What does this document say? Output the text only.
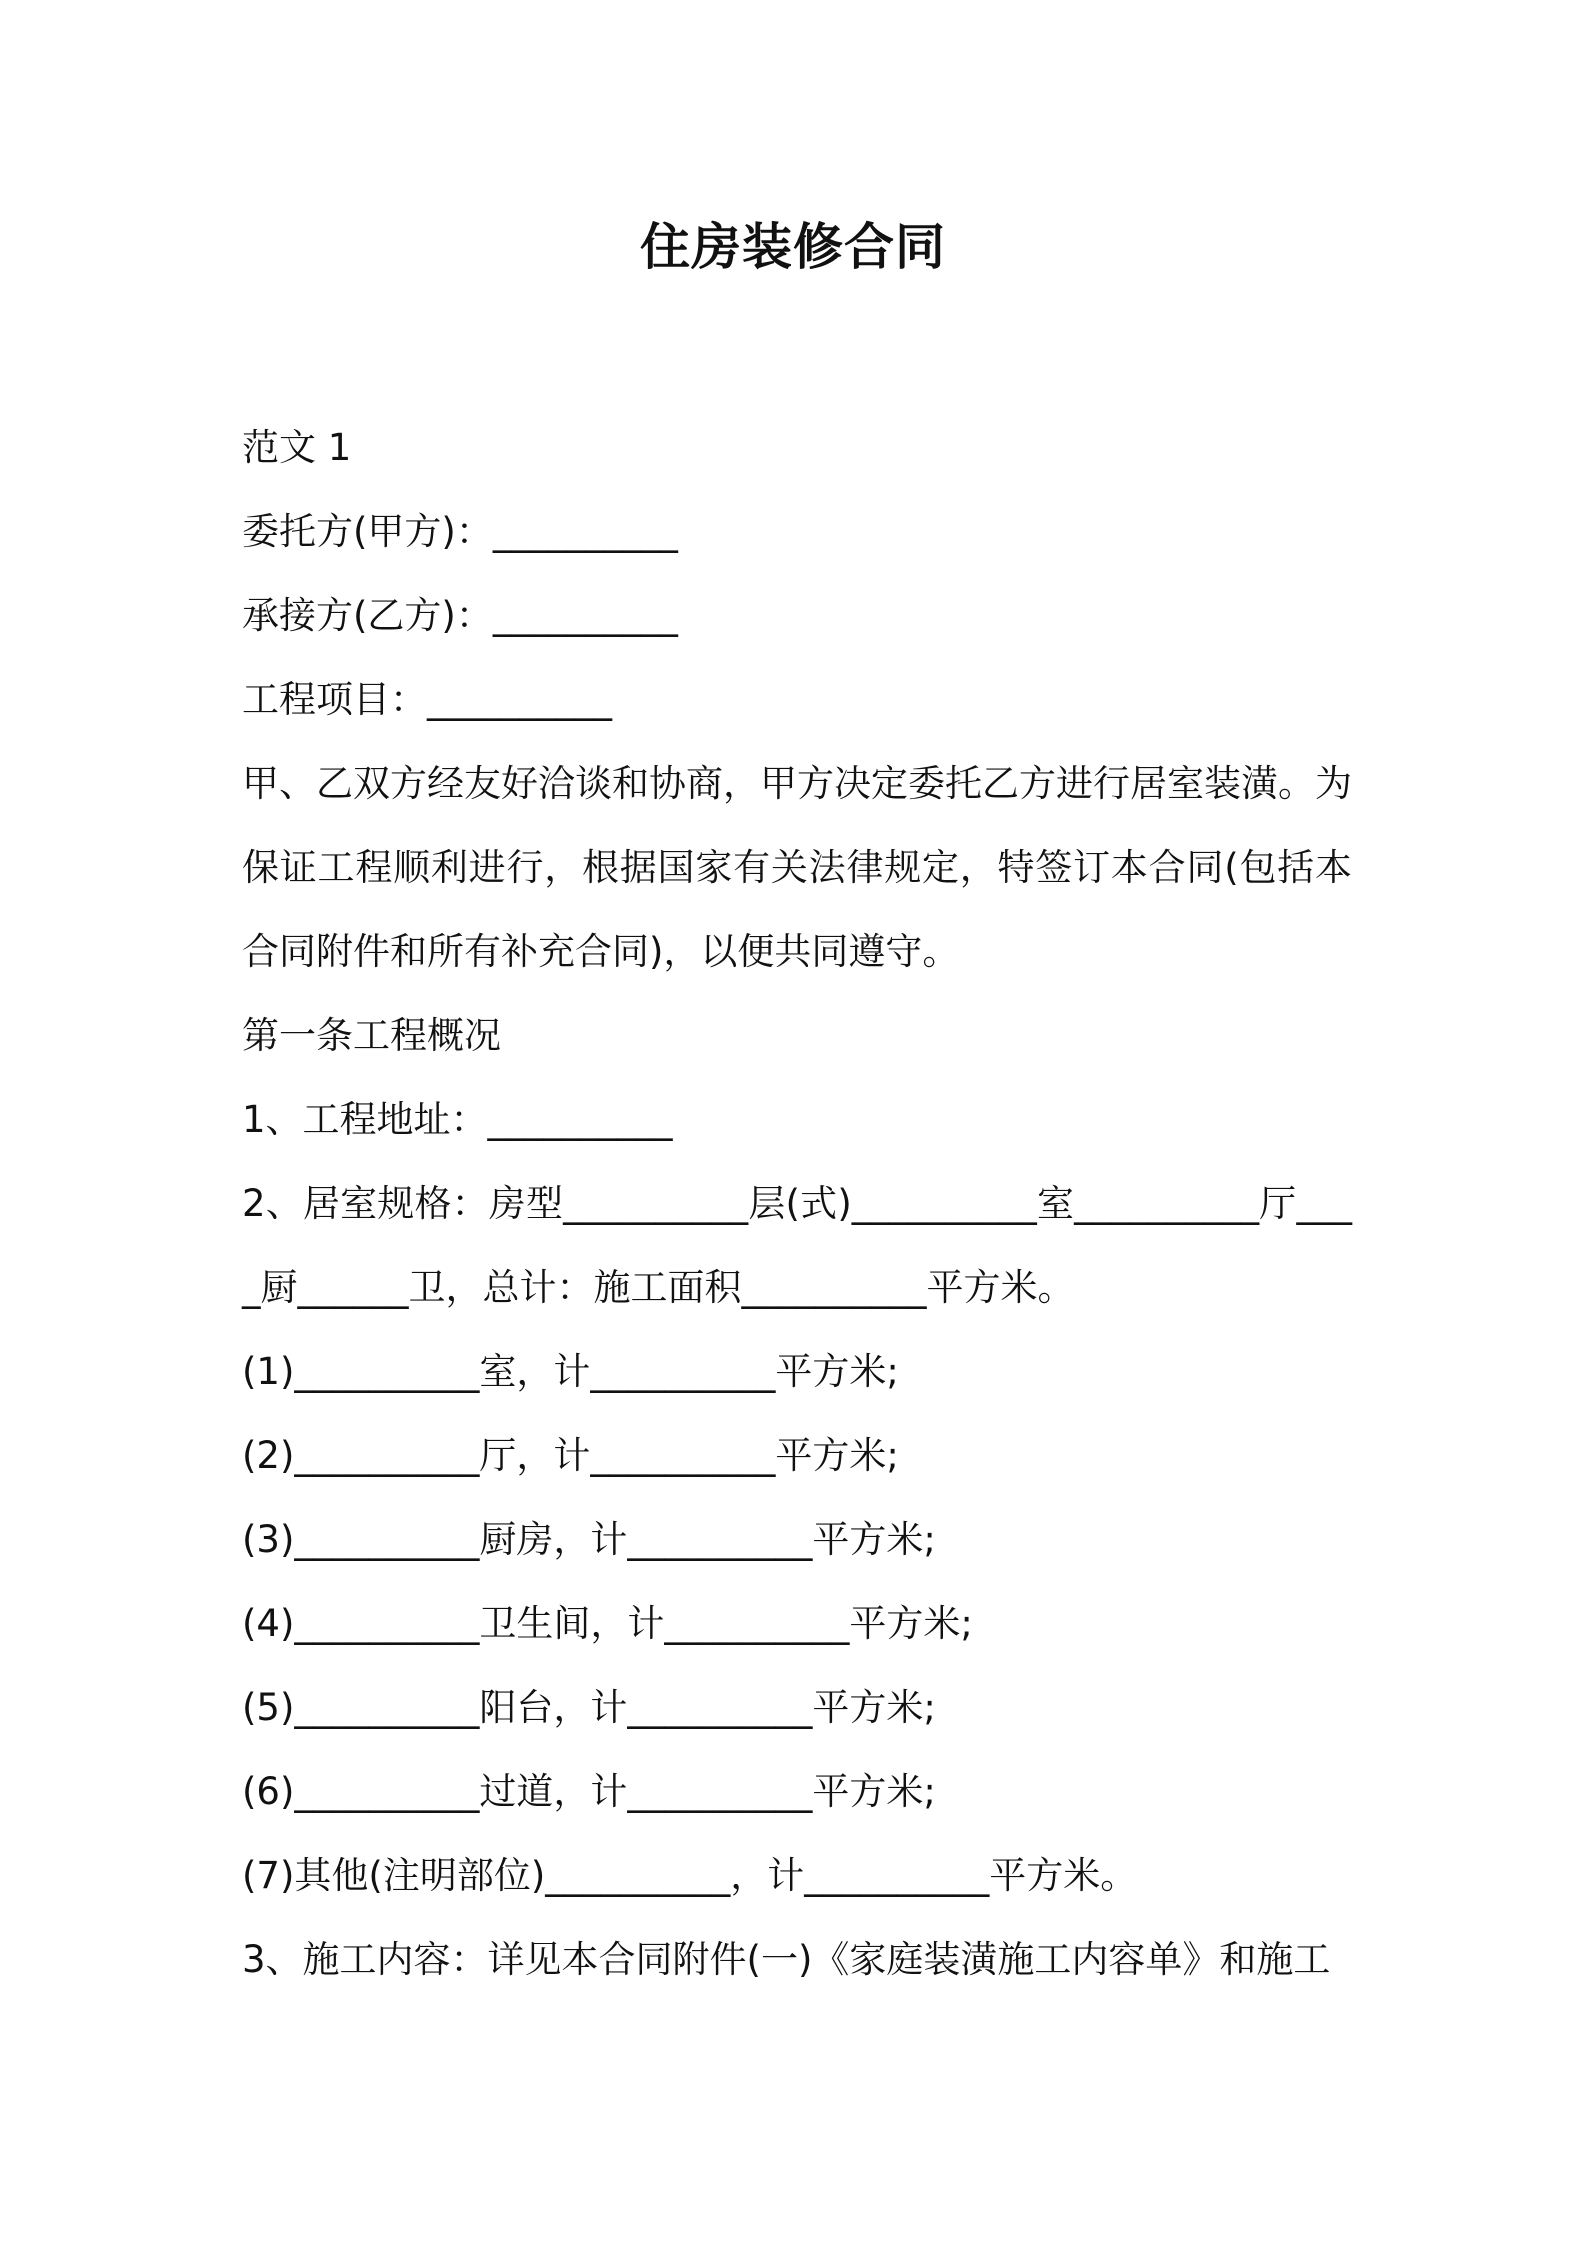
住房装修合同
范文 1
委托方(甲方)：__________
承接方(乙方)：__________
工程项目：__________
甲、乙双方经友好洽谈和协商，甲方决定委托乙方进行居室装潢。为保证工程顺利进行，根据国家有关法律规定，特签订本合同(包括本合同附件和所有补充合同)，以便共同遵守。
第一条工程概况
1、工程地址：__________
2、居室规格：房型__________层(式)__________室__________厅____厨______卫，总计：施工面积__________平方米。
(1)__________室，计__________平方米;
(2)__________厅，计__________平方米;
(3)__________厨房，计__________平方米;
(4)__________卫生间，计__________平方米;
(5)__________阳台，计__________平方米;
(6)__________过道，计__________平方米;
(7)其他(注明部位)__________，计__________平方米。
3、施工内容：详见本合同附件(一)《家庭装潢施工内容单》和施工
